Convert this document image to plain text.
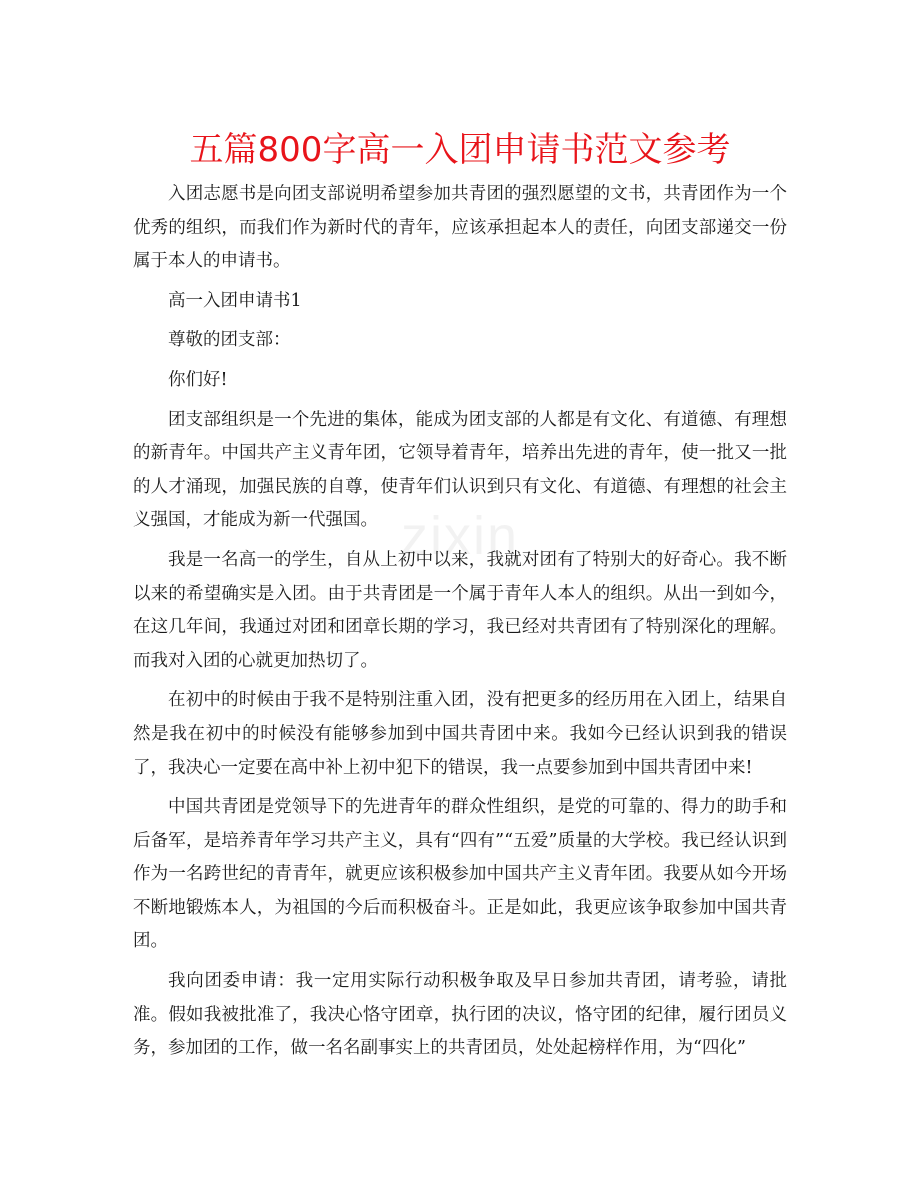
五篇800字高一入团申请书范文参考
zixin

入团志愿书是向团支部说明希望参加共青团的强烈愿望的文书，共青团作为一个优秀的组织，而我们作为新时代的青年，应该承担起本人的责任，向团支部递交一份属于本人的申请书。

高一入团申请书1

尊敬的团支部：

你们好!

团支部组织是一个先进的集体，能成为团支部的人都是有文化、有道德、有理想的新青年。中国共产主义青年团，它领导着青年，培养出先进的青年，使一批又一批的人才涌现，加强民族的自尊，使青年们认识到只有文化、有道德、有理想的社会主义强国，才能成为新一代强国。

我是一名高一的学生，自从上初中以来，我就对团有了特别大的好奇心。我不断以来的希望确实是入团。由于共青团是一个属于青年人本人的组织。从出一到如今，在这几年间，我通过对团和团章长期的学习，我已经对共青团有了特别深化的理解。而我对入团的心就更加热切了。

在初中的时候由于我不是特别注重入团，没有把更多的经历用在入团上，结果自然是我在初中的时候没有能够参加到中国共青团中来。我如今已经认识到我的错误了，我决心一定要在高中补上初中犯下的错误，我一点要参加到中国共青团中来!

中国共青团是党领导下的先进青年的群众性组织，是党的可靠的、得力的助手和后备军，是培养青年学习共产主义，具有“四有”“五爱”质量的大学校。我已经认识到作为一名跨世纪的青青年，就更应该积极参加中国共产主义青年团。我要从如今开场不断地锻炼本人，为祖国的今后而积极奋斗。正是如此，我更应该争取参加中国共青团。

我向团委申请：我一定用实际行动积极争取及早日参加共青团，请考验，请批准。假如我被批准了，我决心恪守团章，执行团的决议，恪守团的纪律，履行团员义务，参加团的工作，做一名名副事实上的共青团员，处处起榜样作用，为“四化”
